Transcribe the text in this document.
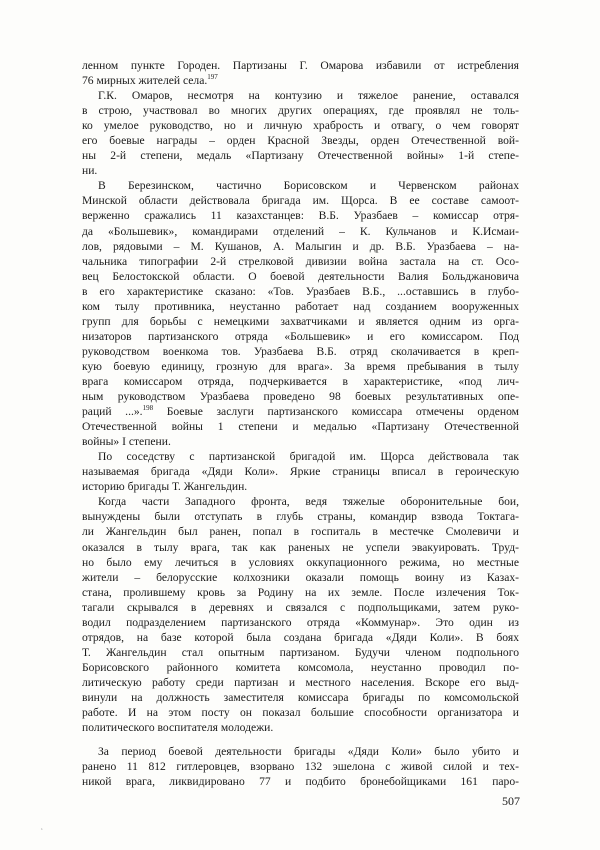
ленном пункте Городен. Партизаны Г. Омарова избавили от истребления
76 мирных жителей села.$^{197}$

Г.К. Омаров, несмотря на контузию и тяжелое ранение, оставался
в строю, участвовал во многих других операциях, где проявлял не толь-
ко умелое руководство, но и личную храбрость и отвагу, о чем говорят
его боевые награды – орден Красной Звезды, орден Отечественной вой-
ны 2-й степени, медаль «Партизану Отечественной войны» 1-й степе-
ни.

В Березинском, частично Борисовском и Червенском районах
Минской области действовала бригада им. Щорса. В ее составе самоот-
верженно сражались 11 казахстанцев: В.Б. Уразбаев – комиссар отря-
да «Большевик», командирами отделений – К. Кульчанов и К.Исмаи-
лов, рядовыми – М. Кушанов, А. Малыгин и др. В.Б. Уразбаева – на-
чальника типографии 2-й стрелковой дивизии война застала на ст. Осо-
вец Белостокской области. О боевой деятельности Валия Больджановича
в его характеристике сказано: «Тов. Уразбаев В.Б., ...оставшись в глубо-
ком тылу противника, неустанно работает над созданием вооруженных
групп для борьбы с немецкими захватчиками и является одним из орга-
низаторов партизанского отряда «Большевик» и его комиссаром. Под
руководством военкома тов. Уразбаева В.Б. отряд сколачивается в креп-
кую боевую единицу, грозную для врага». За время пребывания в тылу
врага комиссаром отряда, подчеркивается в характеристике, «под лич-
ным руководством Уразбаева проведено 98 боевых результативных опе-
раций ...».$^{198}$ Боевые заслуги партизанского комиссара отмечены орденом
Отечественной войны 1 степени и медалью «Партизану Отечественной
войны» I степени.

По соседству с партизанской бригадой им. Щорса действовала так
называемая бригада «Дяди Коли». Яркие страницы вписал в героическую
историю бригады Т. Жангельдин.

Когда части Западного фронта, ведя тяжелые оборонительные бои,
вынуждены были отступать в глубь страны, командир взвода Токтага-
ли Жангельдин был ранен, попал в госпиталь в местечке Смолевичи и
оказался в тылу врага, так как раненых не успели эвакуировать. Труд-
но было ему лечиться в условиях оккупационного режима, но местные
жители – белорусские колхозники оказали помощь воину из Казах-
стана, пролившему кровь за Родину на их земле. После излечения Ток-
тагали скрывался в деревнях и связался с подпольщиками, затем руко-
водил подразделением партизанского отряда «Коммунар». Это один из
отрядов, на базе которой была создана бригада «Дяди Коли». В боях
Т. Жангельдин стал опытным партизаном. Будучи членом подпольного
Борисовского районного комитета комсомола, неустанно проводил по-
литическую работу среди партизан и местного населения. Вскоре его выд-
винули на должность заместителя комиссара бригады по комсомольской
работе. И на этом посту он показал большие способности организатора и
политического воспитателя молодежи.

За период боевой деятельности бригады «Дяди Коли» было убито и
ранено 11 812 гитлеровцев, взорвано 132 эшелона с живой силой и тех-
никой врага, ликвидировано 77 и подбито бронебойщиками 161 паро-

507
‘
